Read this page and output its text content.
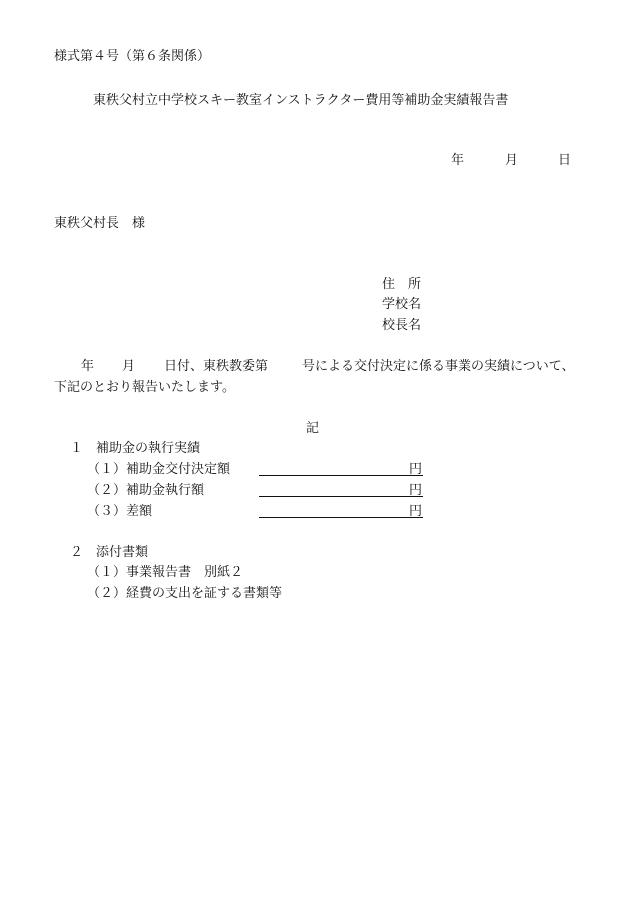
様式第４号（第６条関係）
東秩父村立中学校スキー教室インストラクター費用等補助金実績報告書
年	月	日
東秩父村長　様
住　所
学校名
校長名
年 月 日付、東秩教委第	号による交付決定に係る事業の実績について、
下記のとおり報告いたします。
記
１　補助金の執行実績
（１）補助金交付決定額	円
（２）補助金執行額	円
（３）差額	円
２　添付書類
（１）事業報告書　別紙２
（２）経費の支出を証する書類等
